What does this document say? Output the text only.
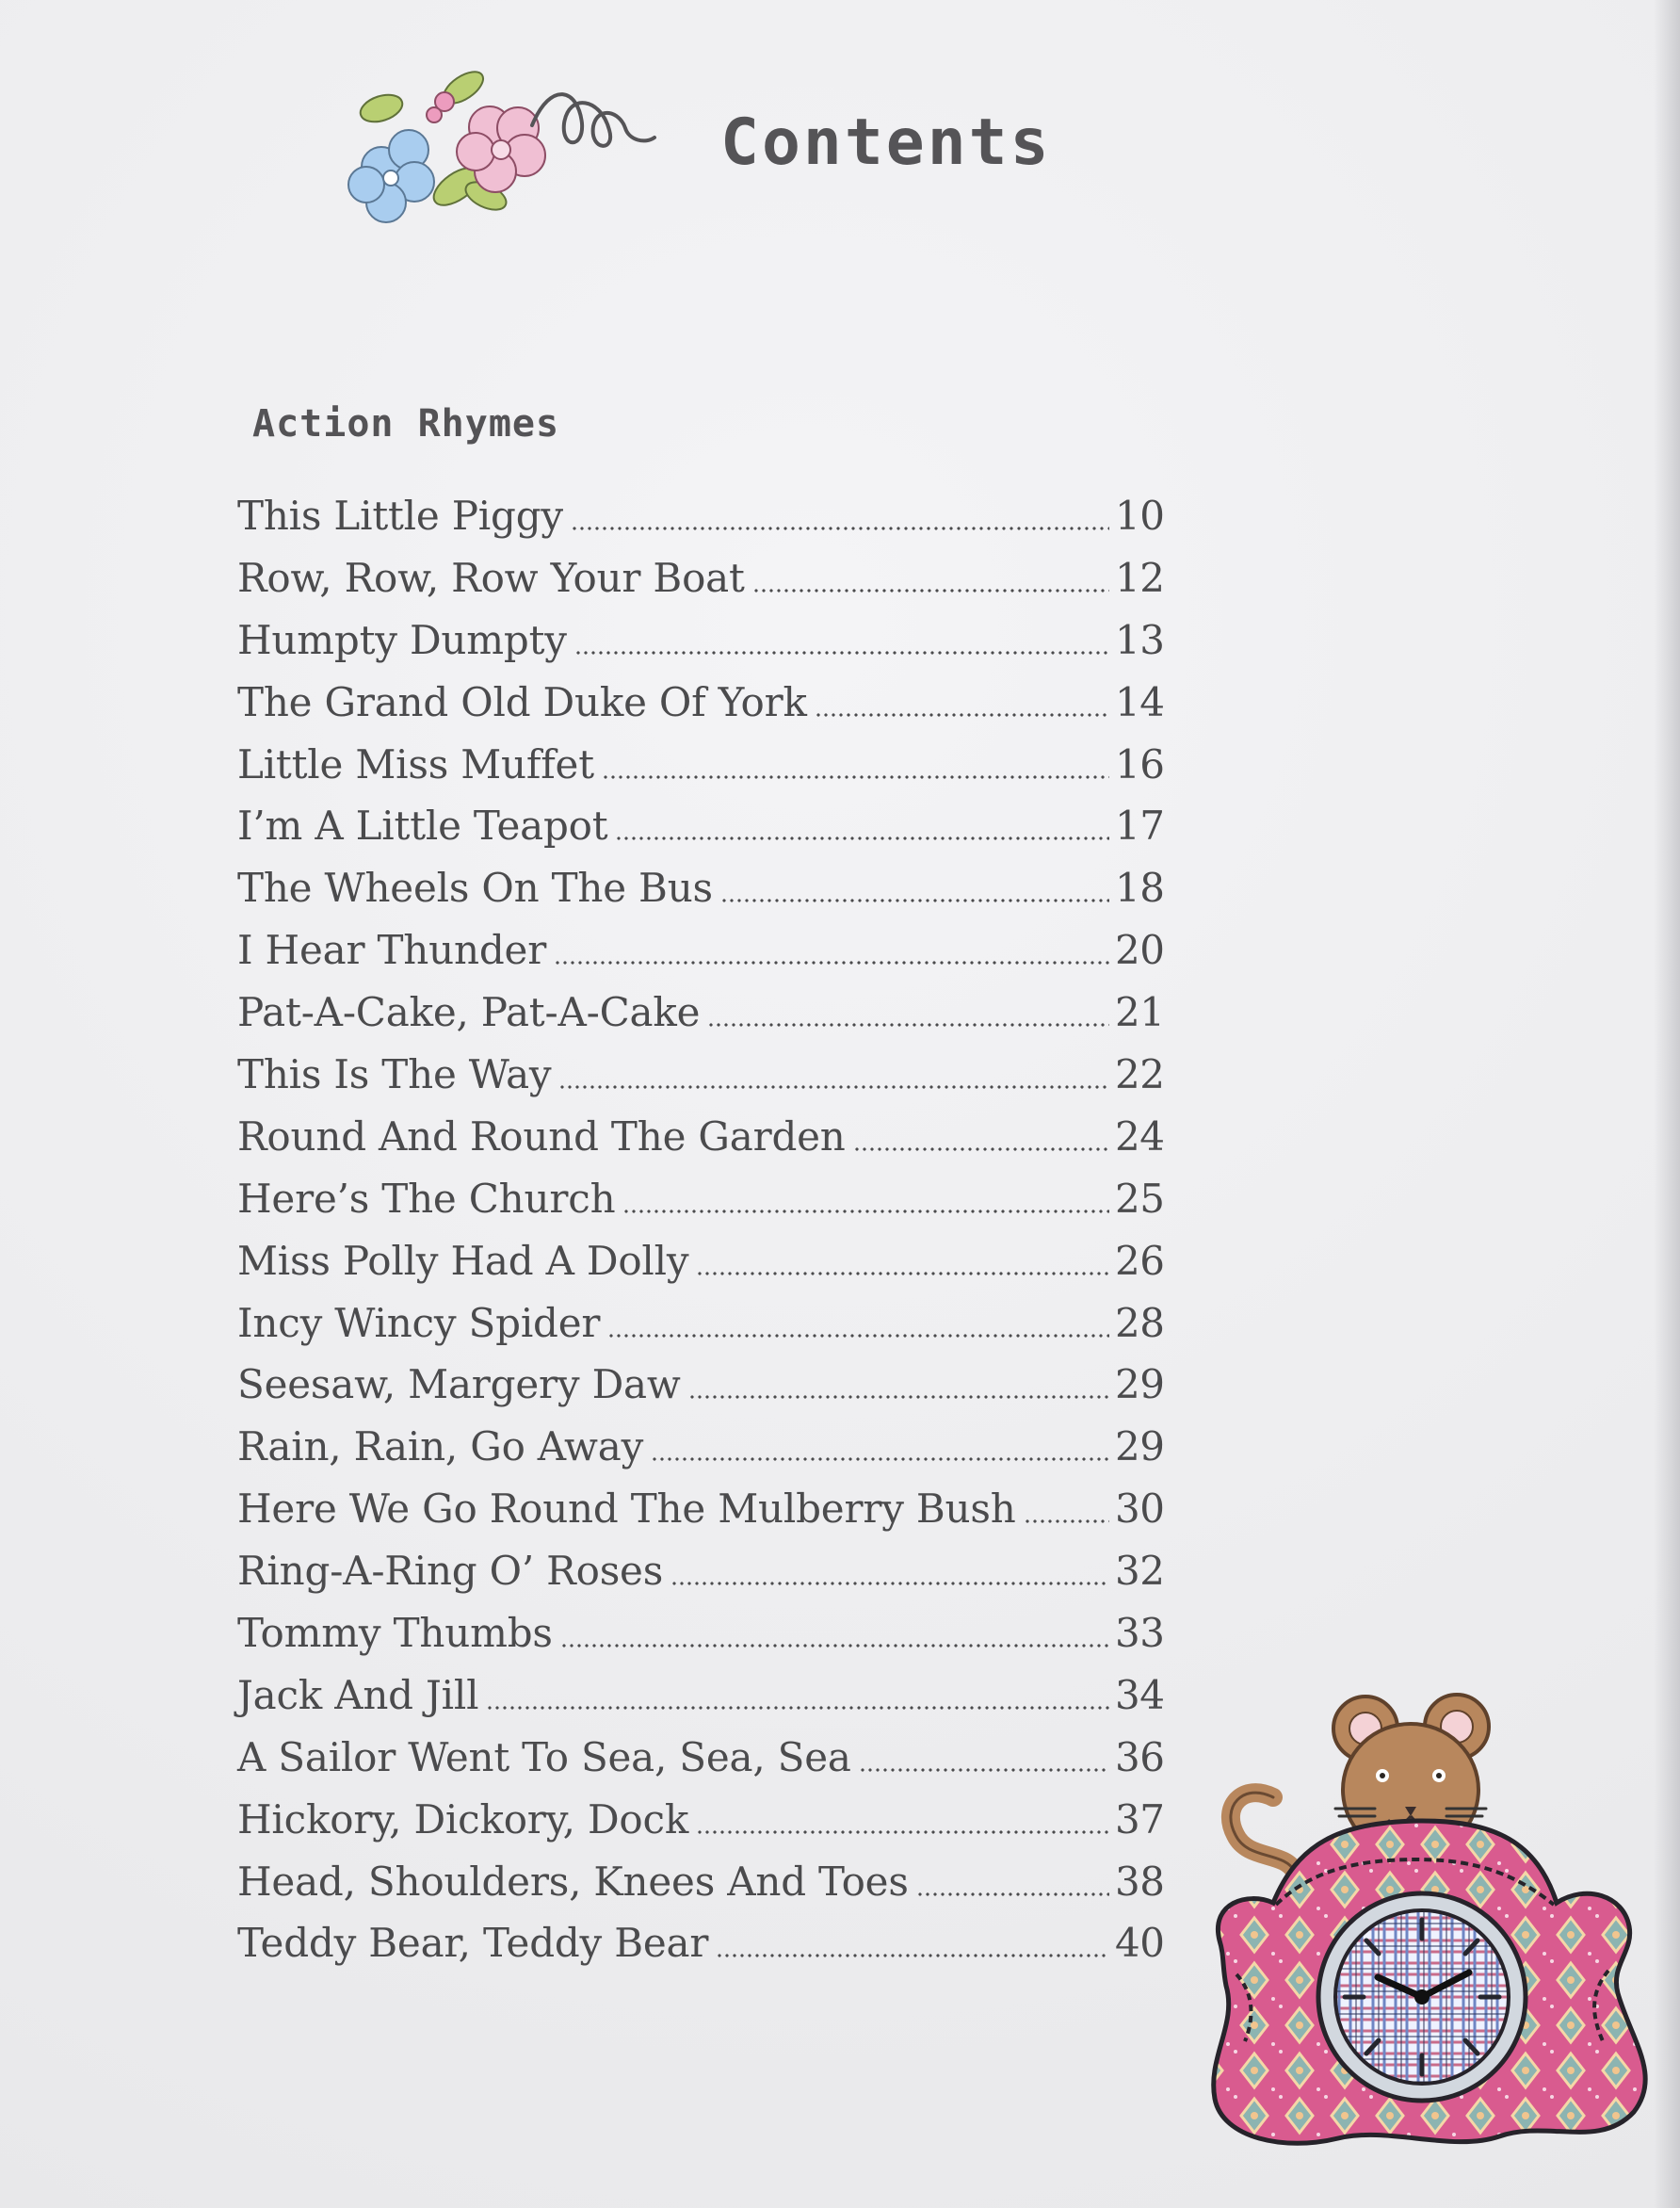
Contents
Action Rhymes
This Little Piggy	10
Row, Row, Row Your Boat	12
Humpty Dumpty	13
The Grand Old Duke Of York	14
Little Miss Muffet	16
I’m A Little Teapot	17
The Wheels On The Bus	18
I Hear Thunder	20
Pat-A-Cake, Pat-A-Cake	21
This Is The Way	22
Round And Round The Garden	24
Here’s The Church	25
Miss Polly Had A Dolly	26
Incy Wincy Spider	28
Seesaw, Margery Daw	29
Rain, Rain, Go Away	29
Here We Go Round The Mulberry Bush	30
Ring-A-Ring O’ Roses	32
Tommy Thumbs	33
Jack And Jill	34
A Sailor Went To Sea, Sea, Sea	36
Hickory, Dickory, Dock	37
Head, Shoulders, Knees And Toes	38
Teddy Bear, Teddy Bear	40
